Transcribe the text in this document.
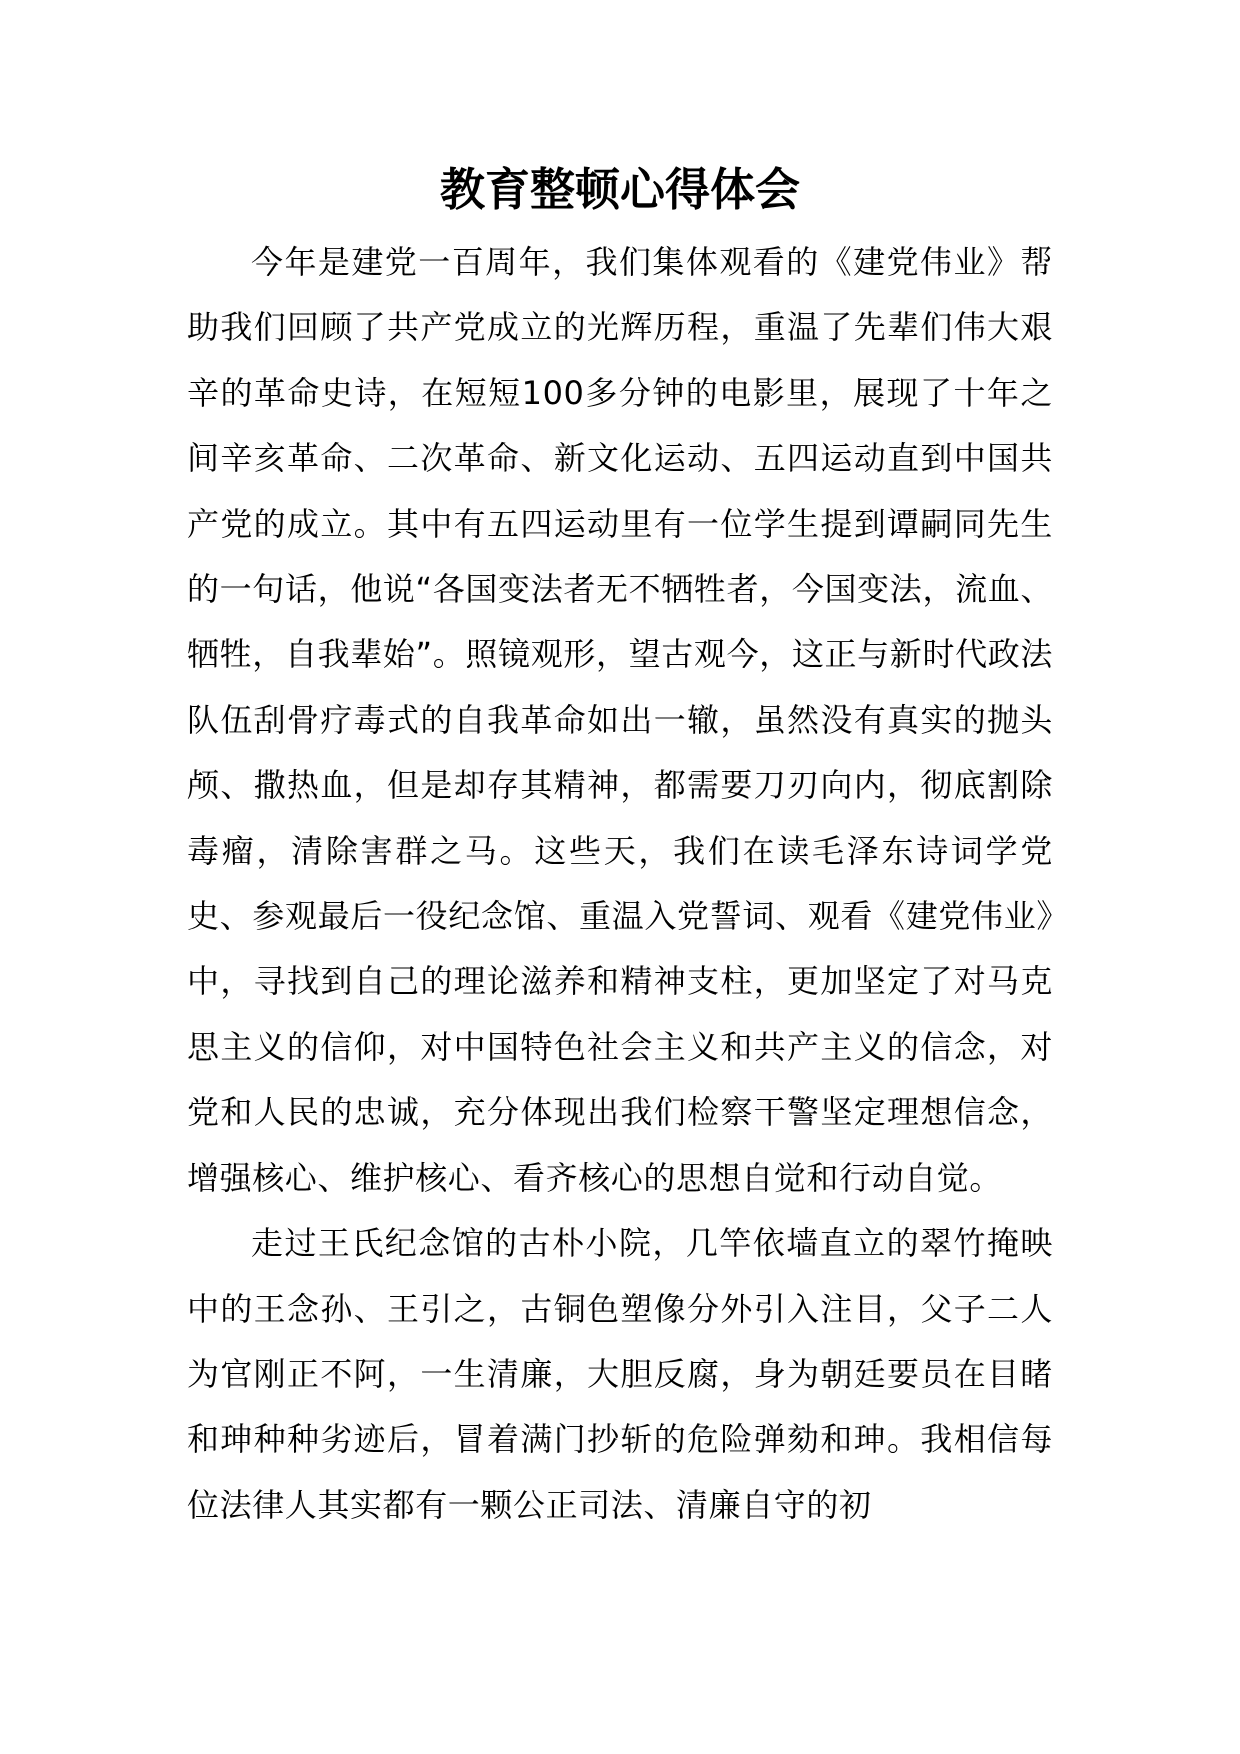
教育整顿心得体会

今年是建党一百周年，我们集体观看的《建党伟业》帮助我们回顾了共产党成立的光辉历程，重温了先辈们伟大艰辛的革命史诗，在短短100多分钟的电影里，展现了十年之间辛亥革命、二次革命、新文化运动、五四运动直到中国共产党的成立。其中有五四运动里有一位学生提到谭嗣同先生的一句话，他说“各国变法者无不牺牲者，今国变法，流血、牺牲，自我辈始”。照镜观形，望古观今，这正与新时代政法队伍刮骨疗毒式的自我革命如出一辙，虽然没有真实的抛头颅、撒热血，但是却存其精神，都需要刀刃向内，彻底割除毒瘤，清除害群之马。这些天，我们在读毛泽东诗词学党史、参观最后一役纪念馆、重温入党誓词、观看《建党伟业》中，寻找到自己的理论滋养和精神支柱，更加坚定了对马克思主义的信仰，对中国特色社会主义和共产主义的信念，对党和人民的忠诚，充分体现出我们检察干警坚定理想信念，增强核心、维护核心、看齐核心的思想自觉和行动自觉。

走过王氏纪念馆的古朴小院，几竿依墙直立的翠竹掩映中的王念孙、王引之，古铜色塑像分外引入注目，父子二人为官刚正不阿，一生清廉，大胆反腐，身为朝廷要员在目睹和珅种种劣迹后，冒着满门抄斩的危险弹劾和珅。我相信每位法律人其实都有一颗公正司法、清廉自守的初
